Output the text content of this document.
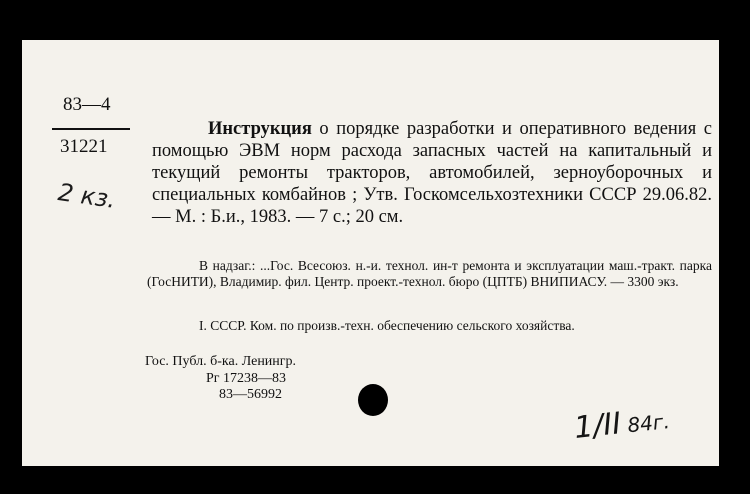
83—4
31221
2 кз.
Инструкция о порядке разработки и оперативного ведения с помощью ЭВМ норм расхода запасных частей на капитальный и текущий ремонты тракторов, автомобилей, зерноуборочных и специальных комбайнов ; Утв. Госкомсельхозтехники СССР 29.06.82. — М. : Б.и., 1983. — 7 с.; 20 см.
В надзаг.: ...Гос. Всесоюз. н.-и. технол. ин-т ремонта и эксплуатации маш.-тракт. парка (ГосНИТИ), Владимир. фил. Центр. проект.-технол. бюро (ЦПТБ) ВНИПИАСУ. — 3300 экз.
I. СССР. Ком. по произв.-техн. обеспечению сельского хозяйства.
Гос. Публ. б-ка. Ленингр.
Рг 17238—83
83—56992
1/II 84г.
